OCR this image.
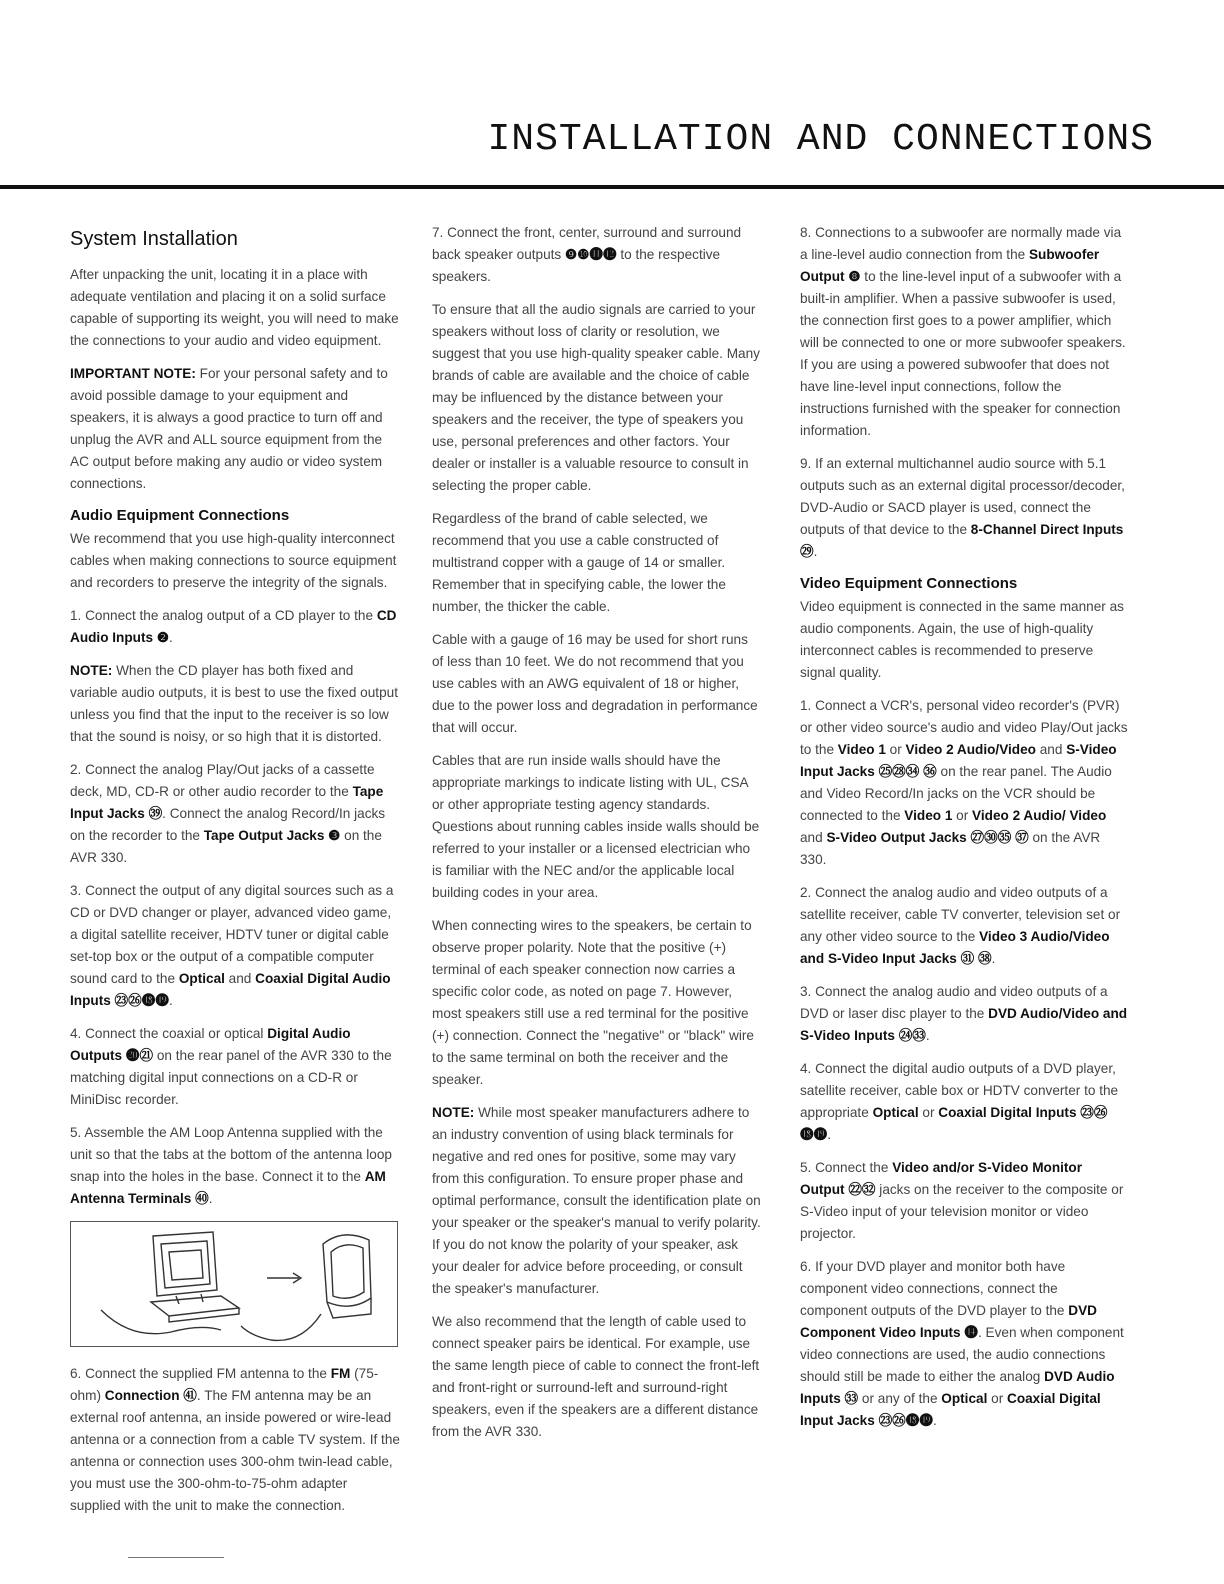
INSTALLATION AND CONNECTIONS
System Installation

After unpacking the unit, locating it in a place with adequate ventilation and placing it on a solid surface capable of supporting its weight, you will need to make the connections to your audio and video equipment.

IMPORTANT NOTE: For your personal safety and to avoid possible damage to your equipment and speakers, it is always a good practice to turn off and unplug the AVR and ALL source equipment from the AC output before making any audio or video system connections.

Audio Equipment Connections

We recommend that you use high-quality interconnect cables when making connections to source equipment and recorders to preserve the integrity of the signals.

1. Connect the analog output of a CD player to the CD Audio Inputs ❷.

NOTE: When the CD player has both fixed and variable audio outputs, it is best to use the fixed output unless you find that the input to the receiver is so low that the sound is noisy, or so high that it is distorted.

2. Connect the analog Play/Out jacks of a cassette deck, MD, CD-R or other audio recorder to the Tape Input Jacks ㊴. Connect the analog Record/In jacks on the recorder to the Tape Output Jacks ❸ on the AVR 330.

3. Connect the output of any digital sources such as a CD or DVD changer or player, advanced video game, a digital satellite receiver, HDTV tuner or digital cable set-top box or the output of a compatible computer sound card to the Optical and Coaxial Digital Audio Inputs ㉓㉖⓲⓳.

4. Connect the coaxial or optical Digital Audio Outputs ⓴㉑ on the rear panel of the AVR 330 to the matching digital input connections on a CD-R or MiniDisc recorder.

5. Assemble the AM Loop Antenna supplied with the unit so that the tabs at the bottom of the antenna loop snap into the holes in the base. Connect it to the AM Antenna Terminals ㊵.

6. Connect the supplied FM antenna to the FM (75-ohm) Connection ㊶. The FM antenna may be an external roof antenna, an inside powered or wire-lead antenna or a connection from a cable TV system. If the antenna or connection uses 300-ohm twin-lead cable, you must use the 300-ohm-to-75-ohm adapter supplied with the unit to make the connection.

7. Connect the front, center, surround and surround back speaker outputs ❾❿⓫⓬ to the respective speakers.

To ensure that all the audio signals are carried to your speakers without loss of clarity or resolution, we suggest that you use high-quality speaker cable. Many brands of cable are available and the choice of cable may be influenced by the distance between your speakers and the receiver, the type of speakers you use, personal preferences and other factors. Your dealer or installer is a valuable resource to consult in selecting the proper cable.

Regardless of the brand of cable selected, we recommend that you use a cable constructed of multistrand copper with a gauge of 14 or smaller. Remember that in specifying cable, the lower the number, the thicker the cable.

Cable with a gauge of 16 may be used for short runs of less than 10 feet. We do not recommend that you use cables with an AWG equivalent of 18 or higher, due to the power loss and degradation in performance that will occur.

Cables that are run inside walls should have the appropriate markings to indicate listing with UL, CSA or other appropriate testing agency standards. Questions about running cables inside walls should be referred to your installer or a licensed electrician who is familiar with the NEC and/or the applicable local building codes in your area.

When connecting wires to the speakers, be certain to observe proper polarity. Note that the positive (+) terminal of each speaker connection now carries a specific color code, as noted on page 7. However, most speakers still use a red terminal for the positive (+) connection. Connect the "negative" or "black" wire to the same terminal on both the receiver and the speaker.

NOTE: While most speaker manufacturers adhere to an industry convention of using black terminals for negative and red ones for positive, some may vary from this configuration. To ensure proper phase and optimal performance, consult the identification plate on your speaker or the speaker's manual to verify polarity. If you do not know the polarity of your speaker, ask your dealer for advice before proceeding, or consult the speaker's manufacturer.

We also recommend that the length of cable used to connect speaker pairs be identical. For example, use the same length piece of cable to connect the front-left and front-right or surround-left and surround-right speakers, even if the speakers are a different distance from the AVR 330.

8. Connections to a subwoofer are normally made via a line-level audio connection from the Subwoofer Output ❽ to the line-level input of a subwoofer with a built-in amplifier. When a passive subwoofer is used, the connection first goes to a power amplifier, which will be connected to one or more subwoofer speakers. If you are using a powered subwoofer that does not have line-level input connections, follow the instructions furnished with the speaker for connection information.

9. If an external multichannel audio source with 5.1 outputs such as an external digital processor/decoder, DVD-Audio or SACD player is used, connect the outputs of that device to the 8-Channel Direct Inputs ㉙.

Video Equipment Connections

Video equipment is connected in the same manner as audio components. Again, the use of high-quality interconnect cables is recommended to preserve signal quality.

1. Connect a VCR's, personal video recorder's (PVR) or other video source's audio and video Play/Out jacks to the Video 1 or Video 2 Audio/Video and S-Video Input Jacks ㉕㉘㉞ ㊱ on the rear panel. The Audio and Video Record/In jacks on the VCR should be connected to the Video 1 or Video 2 Audio/ Video and S-Video Output Jacks ㉗㉚㉟ ㊲ on the AVR 330.

2. Connect the analog audio and video outputs of a satellite receiver, cable TV converter, television set or any other video source to the Video 3 Audio/Video and S-Video Input Jacks ㉛ ㊳.

3. Connect the analog audio and video outputs of a DVD or laser disc player to the DVD Audio/Video and S-Video Inputs ㉔㉝.

4. Connect the digital audio outputs of a DVD player, satellite receiver, cable box or HDTV converter to the appropriate Optical or Coaxial Digital Inputs ㉓㉖⓲⓳.

5. Connect the Video and/or S-Video Monitor Output ㉒㉜ jacks on the receiver to the composite or S-Video input of your television monitor or video projector.

6. If your DVD player and monitor both have component video connections, connect the component outputs of the DVD player to the DVD Component Video Inputs ⓮. Even when component video connections are used, the audio connections should still be made to either the analog DVD Audio Inputs ㉝ or any of the Optical or Coaxial Digital Input Jacks ㉓㉖⓲⓳.
